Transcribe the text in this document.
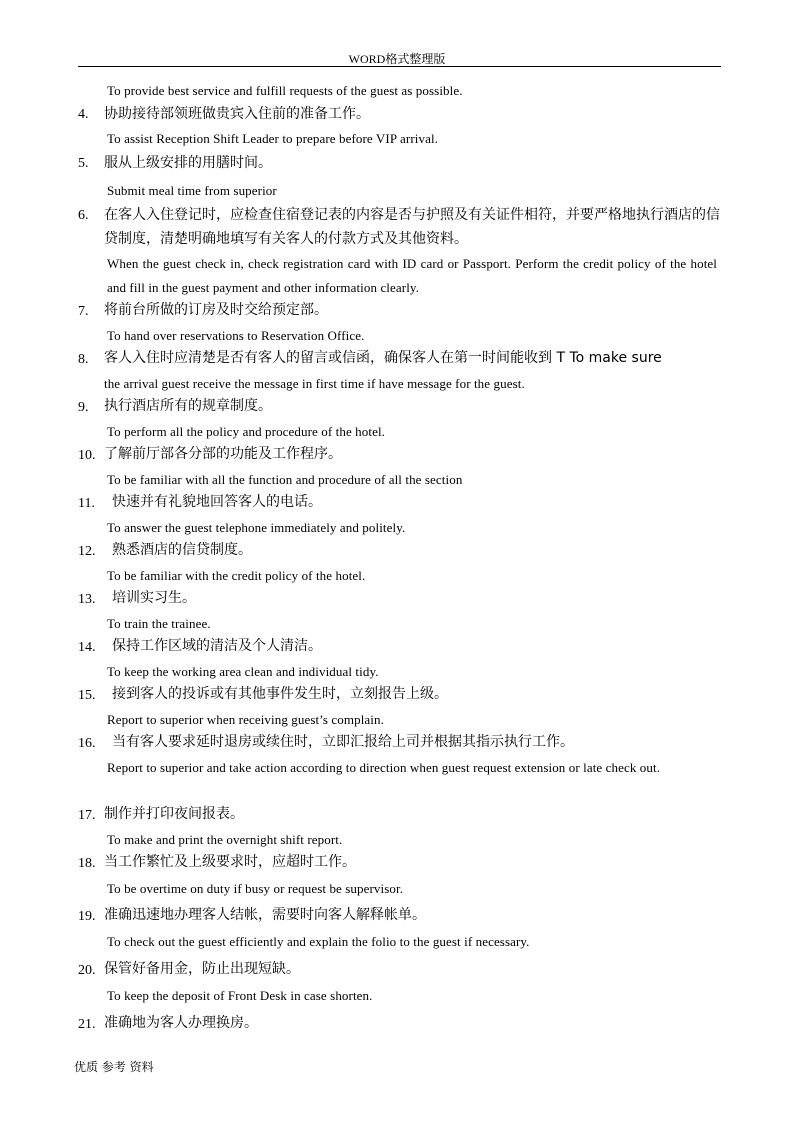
WORD格式整理版
To provide best service and fulfill requests of the guest as possible.
4. 协助接待部领班做贵宾入住前的准备工作。
To assist Reception Shift Leader to prepare before VIP arrival.
5. 服从上级安排的用膳时间。
Submit meal time from superior
6. 在客人入住登记时，应检查住宿登记表的内容是否与护照及有关证件相符，并要严格地执行酒店的信贷制度，清楚明确地填写有关客人的付款方式及其他资料。
When the guest check in, check registration card with ID card or Passport. Perform the credit policy of the hotel and fill in the guest payment and other information clearly.
7. 将前台所做的订房及时交给预定部。
To hand over reservations to Reservation Office.
8. 客人入住时应清楚是否有客人的留言或信函，确保客人在第一时间能收到 T To make sure
the arrival guest receive the message in first time if have message for the guest.
9. 执行酒店所有的规章制度。
To perform all the policy and procedure of the hotel.
10. 了解前厅部各分部的功能及工作程序。
To be familiar with all the function and procedure of all the section
11. 快速并有礼貌地回答客人的电话。
To answer the guest telephone immediately and politely.
12. 熟悉酒店的信贷制度。
To be familiar with the credit policy of the hotel.
13. 培训实习生。
To train the trainee.
14. 保持工作区域的清洁及个人清洁。
To keep the working area clean and individual tidy.
15. 接到客人的投诉或有其他事件发生时，立刻报告上级。
Report to superior when receiving guest’s complain.
16. 当有客人要求延时退房或续住时，立即汇报给上司并根据其指示执行工作。
Report to superior and take action according to direction when guest request extension or late check out.
17. 制作并打印夜间报表。
To make and print the overnight shift report.
18. 当工作繁忙及上级要求时，应超时工作。
To be overtime on duty if busy or request be supervisor.
19. 准确迅速地办理客人结帐，需要时向客人解释帐单。
To check out the guest efficiently and explain the folio to the guest if necessary.
20. 保管好备用金，防止出现短缺。
To keep the deposit of Front Desk in case shorten.
21. 准确地为客人办理换房。
优质 参考 资料
